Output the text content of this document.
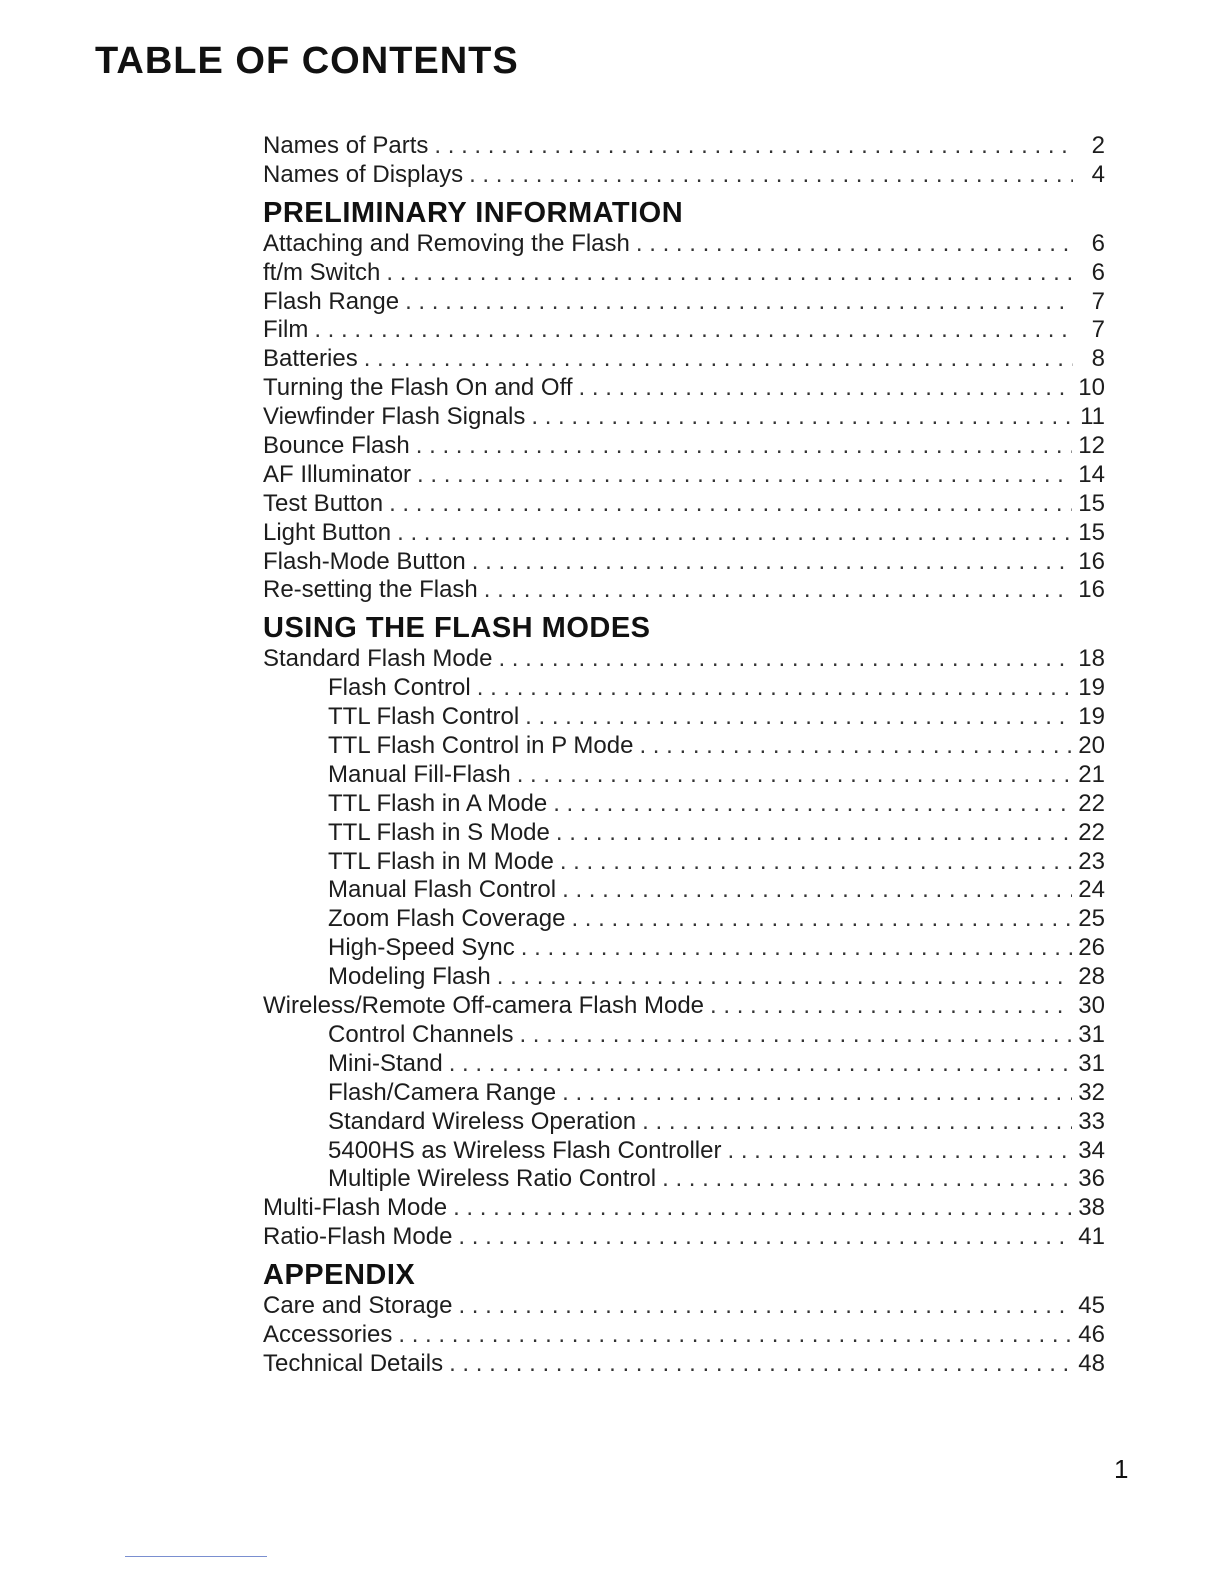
TABLE OF CONTENTS
Names of Parts . . .	2
Names of Displays . . .	4
PRELIMINARY INFORMATION
Attaching and Removing the Flash . . .	6
ft/m Switch . . .	6
Flash Range . . .	7
Film . . .	7
Batteries . . .	8
Turning the Flash On and Off . . .	10
Viewfinder Flash Signals . . .	11
Bounce Flash . . .	12
AF Illuminator . . .	14
Test Button . . .	15
Light Button . . .	15
Flash-Mode Button . . .	16
Re-setting the Flash . . .	16
USING THE FLASH MODES
Standard Flash Mode . . .	18
Flash Control . . .	19
TTL Flash Control . . .	19
TTL Flash Control in P Mode . . .	20
Manual Fill-Flash . . .	21
TTL Flash in A Mode . . .	22
TTL Flash in S Mode . . .	22
TTL Flash in M Mode . . .	23
Manual Flash Control . . .	24
Zoom Flash Coverage . . .	25
High-Speed Sync . . .	26
Modeling Flash . . .	28
Wireless/Remote Off-camera Flash Mode . . .	30
Control Channels . . .	31
Mini-Stand . . .	31
Flash/Camera Range . . .	32
Standard Wireless Operation . . .	33
5400HS as Wireless Flash Controller . . .	34
Multiple Wireless Ratio Control . . .	36
Multi-Flash Mode . . .	38
Ratio-Flash Mode . . .	41
APPENDIX
Care and Storage . . .	45
Accessories . . .	46
Technical Details . . .	48
1
